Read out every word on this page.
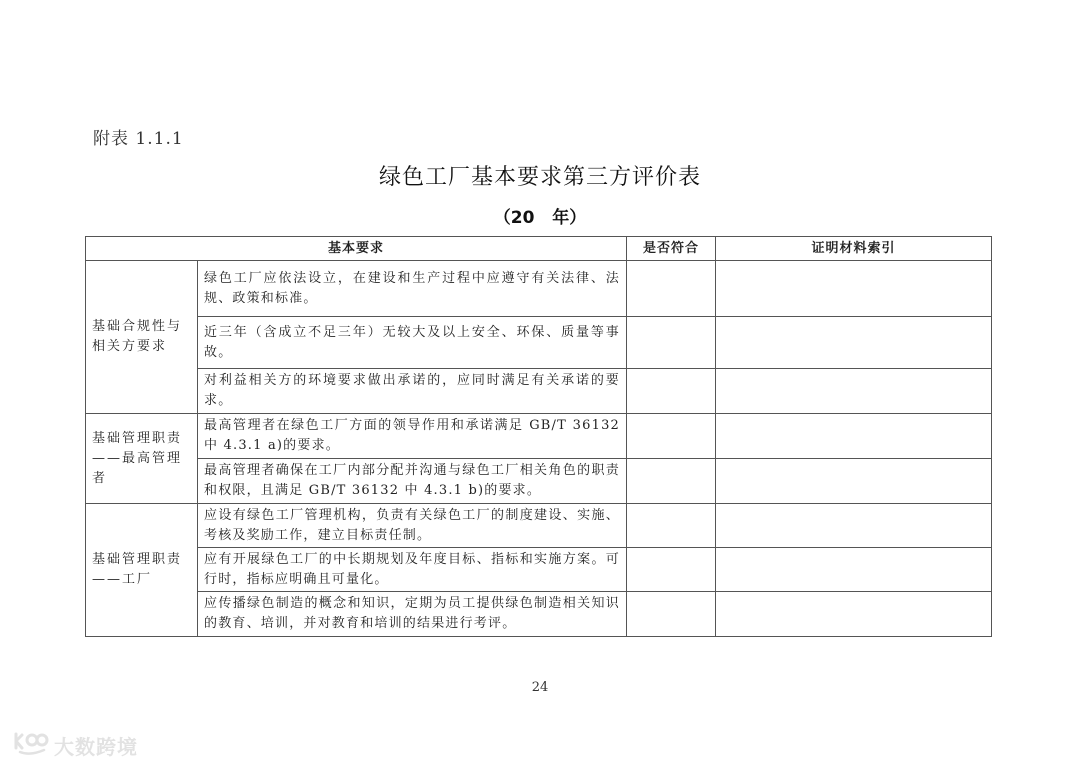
附表 1.1.1
绿色工厂基本要求第三方评价表
（20   年）
基本要求		是否符合	证明材料索引
基础合规性与相关方要求	绿色工厂应依法设立，在建设和生产过程中应遵守有关法律、法规、政策和标准。		
	近三年（含成立不足三年）无较大及以上安全、环保、质量等事故。		
	对利益相关方的环境要求做出承诺的，应同时满足有关承诺的要求。		
基础管理职责——最高管理者	最高管理者在绿色工厂方面的领导作用和承诺满足 GB/T 36132 中 4.3.1 a)的要求。		
	最高管理者确保在工厂内部分配并沟通与绿色工厂相关角色的职责和权限，且满足 GB/T 36132 中 4.3.1 b)的要求。		
基础管理职责——工厂	应设有绿色工厂管理机构，负责有关绿色工厂的制度建设、实施、考核及奖励工作，建立目标责任制。		
	应有开展绿色工厂的中长期规划及年度目标、指标和实施方案。可行时，指标应明确且可量化。		
	应传播绿色制造的概念和知识，定期为员工提供绿色制造相关知识的教育、培训，并对教育和培训的结果进行考评。		
24
大数跨境
